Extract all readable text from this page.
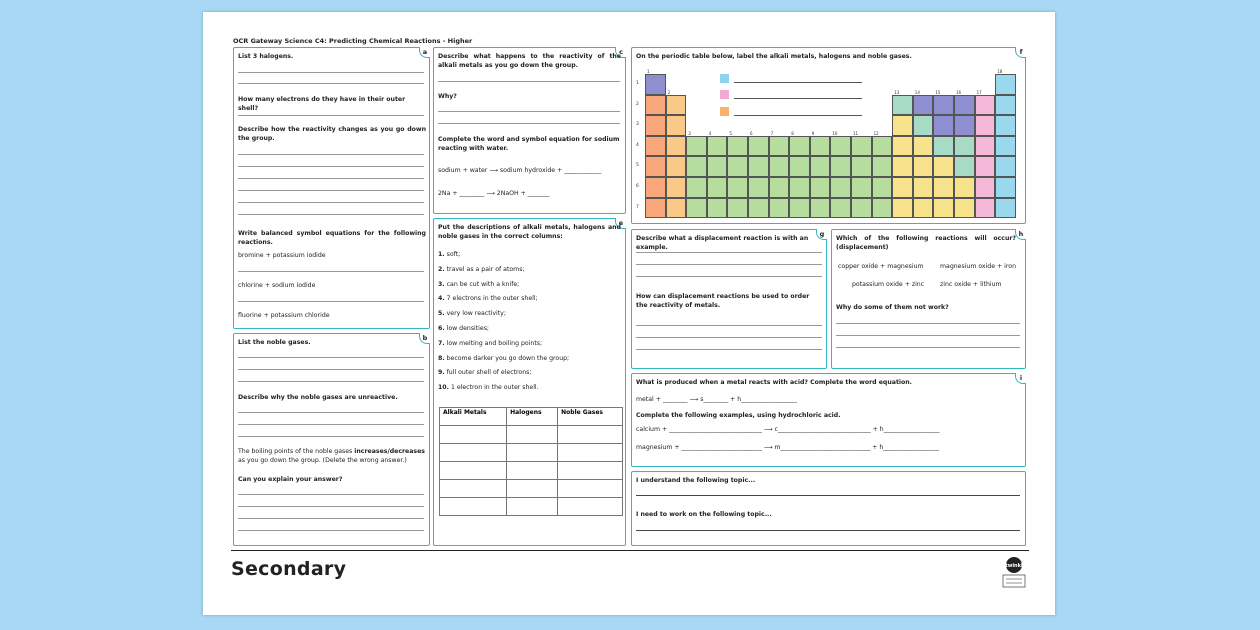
OCR Gateway Science C4: Predicting Chemical Reactions - Higher
a
List 3 halogens.
How many electrons do they have in their outer shell?
Describe how the reactivity changes as you go down the group.
Write balanced symbol equations for the following reactions.
bromine + potassium iodide
chlorine + sodium iodide
fluorine + potassium chloride
b
List the noble gases.
Describe why the noble gases are unreactive.
The boiling points of the noble gases increases/decreases as you go down the group. (Delete the wrong answer.)
Can you explain your answer?
c
Describe what happens to the reactivity of the alkali metals as you go down the group.
Why?
Complete the word and symbol equation for sodium reacting with water.
sodium + water ⟶ sodium hydroxide + ____________
2Na + ________ ⟶ 2NaOH + _______
e
Put the descriptions of alkali metals, halogens and noble gases in the correct columns:
1. soft;
2. travel as a pair of atoms;
3. can be cut with a knife;
4. 7 electrons in the outer shell;
5. very low reactivity;
6. low densities;
7. low melting and boiling points;
8. become darker you go down the group;
9. full outer shell of electrons;
10. 1 electron in the outer shell.
Alkali Metals	Halogens	Noble Gases

f
On the periodic table below, label the alkali metals, halogens and noble gases.
1
2
3	4	5	6	7	8	9	10	11	12
13	14	15	16	17
18
1
2
3
4
5
6
7
g
Describe what a displacement reaction is with an example.
How can displacement reactions be used to order the reactivity of metals.
h
Which of the following reactions will occur? (displacement)
copper oxide + magnesium	magnesium oxide + iron
potassium oxide + zinc	zinc oxide + lithium
Why do some of them not work?
i
What is produced when a metal reacts with acid? Complete the word equation.
metal + ________ ⟶ s________ + h__________________
Complete the following examples, using hydrochloric acid.
calcium + ______________________________ ⟶ c______________________________ + h__________________
magnesium + __________________________ ⟶ m_____________________________ + h__________________
I understand the following topic...
I need to work on the following topic...
Secondary	twinkl
